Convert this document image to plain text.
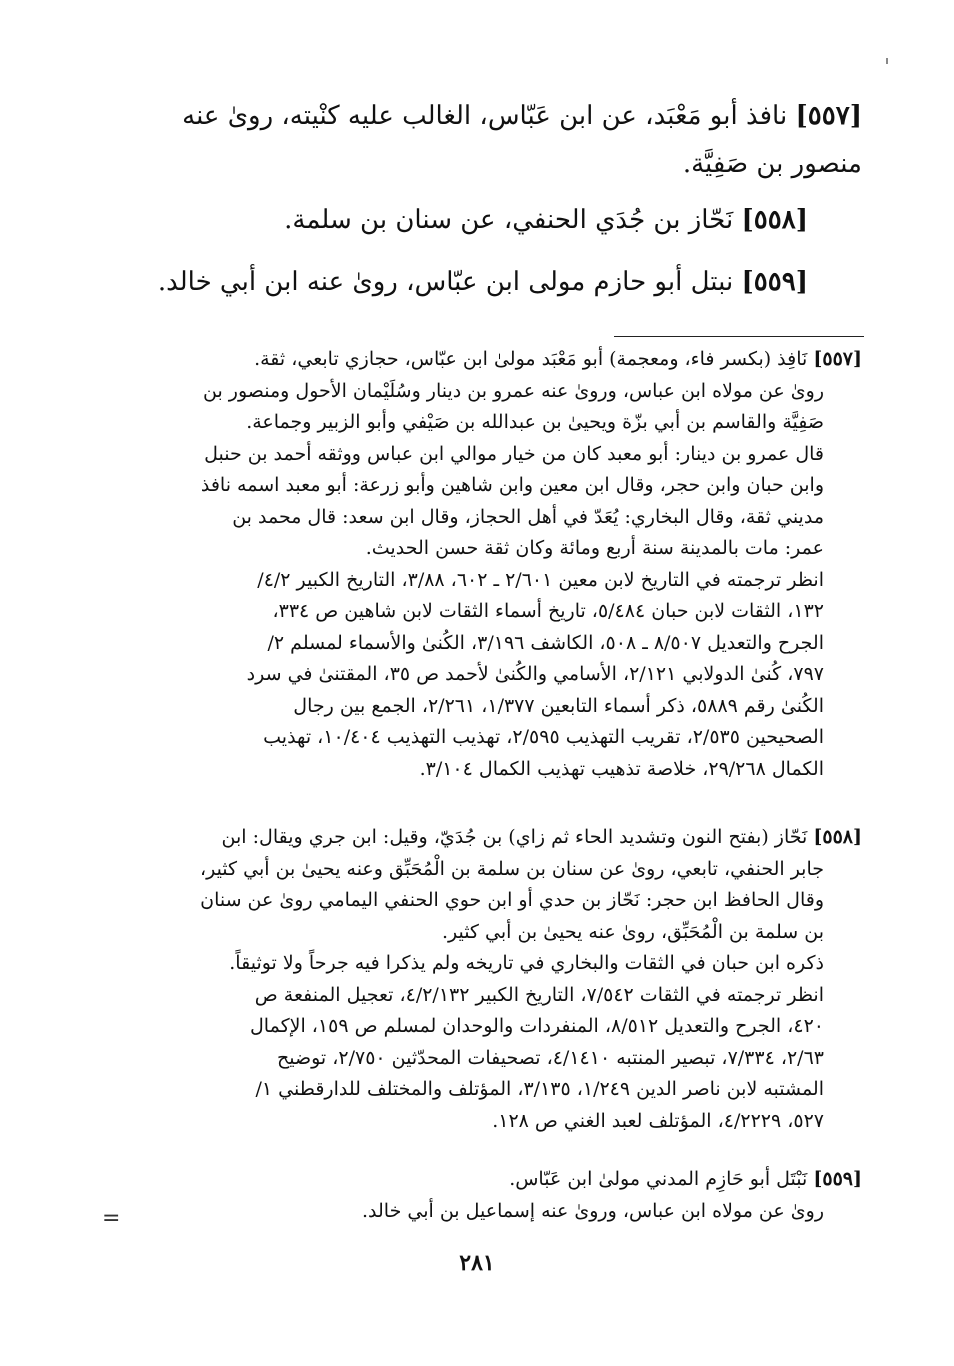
[٥٥٧] نافذ أبو مَعْبَد، عن ابن عَبّاس، الغالب عليه كنْيته، روىٰ عنه
منصور بن صَفِيَّة.
[٥٥٨] نَحّاز بن جُدَي الحنفي، عن سنان بن سلمة.
[٥٥٩] نبتل أبو حازم مولى ابن عبّاس، روىٰ عنه ابن أبي خالد.
[٥٥٧] نَافِذ (بكسر فاء، ومعجمة) أبو مَعْبَد مولىٰ ابن عبّاس، حجازي تابعي، ثقة.
روىٰ عن مولاه ابن عباس، وروىٰ عنه عمرو بن دينار وسُلَيْمان الأحول ومنصور بن
صَفِيَّة والقاسم بن أبي بزّة ويحيىٰ بن عبدالله بن صَيْفي وأبو الزبير وجماعة.
قال عمرو بن دينار: أبو معبد كان من خيار موالي ابن عباس ووثقه أحمد بن حنبل
وابن حبان وابن حجر، وقال ابن معين وابن شاهين وأبو زرعة: أبو معبد اسمه نافذ
مديني ثقة، وقال البخاري: يُعَدّ في أهل الحجاز، وقال ابن سعد: قال محمد بن
عمر: مات بالمدينة سنة أربع ومائة وكان ثقة حسن الحديث.
انظر ترجمته في التاريخ لابن معين ٢/٦٠١ ـ ٦٠٢، ٣/٨٨، التاريخ الكبير ٤/٢/
١٣٢، الثقات لابن حبان ٥/٤٨٤، تاريخ أسماء الثقات لابن شاهين ص ٣٣٤،
الجرح والتعديل ٨/٥٠٧ ـ ٥٠٨، الكاشف ٣/١٩٦، الكُنىٰ والأسماء لمسلم ٢/
٧٩٧، كُنىٰ الدولابي ٢/١٢١، الأسامي والكُنىٰ لأحمد ص ٣٥، المقتنىٰ في سرد
الكُنىٰ رقم ٥٨٨٩، ذكر أسماء التابعين ١/٣٧٧، ٢/٢٦١، الجمع بين رجال
الصحيحين ٢/٥٣٥، تقريب التهذيب ٢/٥٩٥، تهذيب التهذيب ١٠/٤٠٤، تهذيب
الكمال ٢٩/٢٦٨، خلاصة تذهيب تهذيب الكمال ٣/١٠٤.
[٥٥٨] نَحّاز (بفتح النون وتشديد الحاء ثم زاي) بن جُدَيّ، وقيل: ابن جري ويقال: ابن
جابر الحنفي، تابعي، روىٰ عن سنان بن سلمة بن الْمُحَبِّق وعنه يحيىٰ بن أبي كثير،
وقال الحافظ ابن حجر: نَحّاز بن حدي أو ابن حوي الحنفي اليمامي روىٰ عن سنان
بن سلمة بن الْمُحَبِّق، روىٰ عنه يحيىٰ بن أبي كثير.
ذكره ابن حبان في الثقات والبخاري في تاريخه ولم يذكرا فيه جرحاً ولا توثيقاً.
انظر ترجمته في الثقات ٧/٥٤٢، التاريخ الكبير ٤/٢/١٣٢، تعجيل المنفعة ص
٤٢٠، الجرح والتعديل ٨/٥١٢، المنفردات والوحدان لمسلم ص ١٥٩، الإكمال
٢/٦٣، ٧/٣٣٤، تبصير المنتبه ٤/١٤١٠، تصحيفات المحدّثين ٢/٧٥٠، توضيح
المشتبه لابن ناصر الدين ١/٢٤٩، ٣/١٣٥، المؤتلف والمختلف للدارقطني ١/
٥٢٧، ٤/٢٢٢٩، المؤتلف لعبد الغني ص ١٢٨.
[٥٥٩] نَبْتَل أبو حَازِم المدني مولىٰ ابن عَبّاس.
روىٰ عن مولاه ابن عباس، وروىٰ عنه إسماعيل بن أبي خالد.
=
٢٨١
